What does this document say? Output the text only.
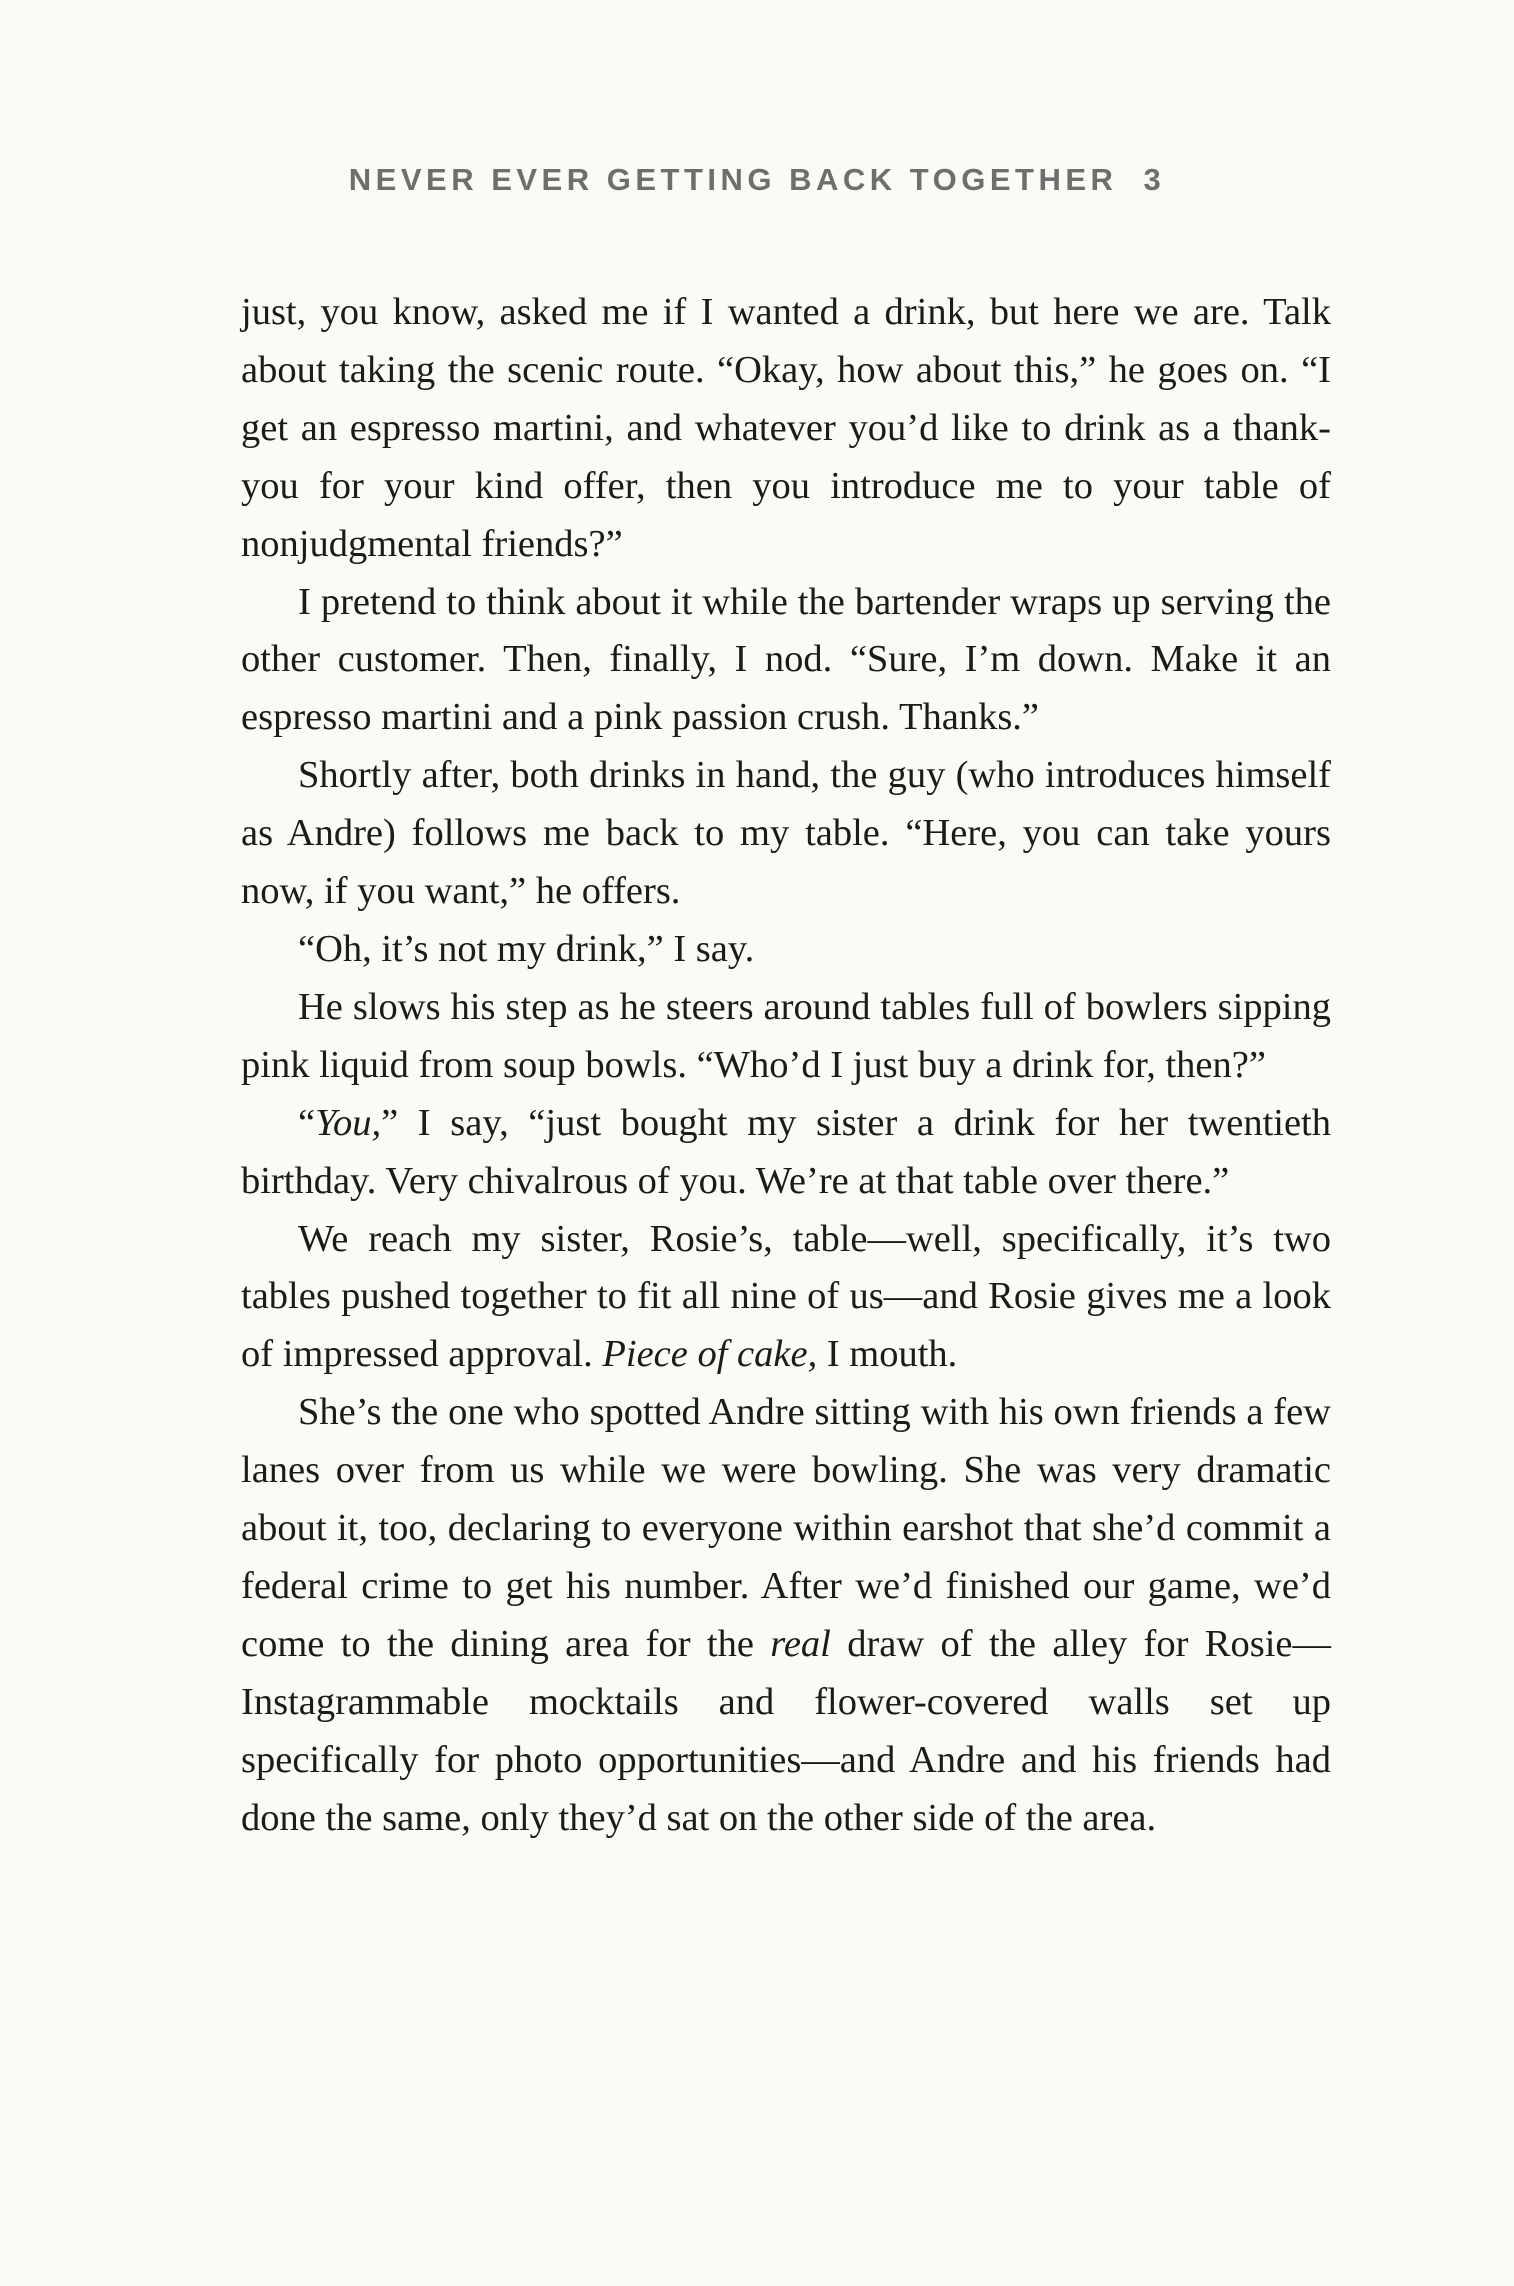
NEVER EVER GETTING BACK TOGETHER 3

just, you know, asked me if I wanted a drink, but here we are. Talk about taking the scenic route. “Okay, how about this,” he goes on. “I get an espresso martini, and whatever you’d like to drink as a thank-you for your kind offer, then you introduce me to your table of nonjudgmental friends?”

I pretend to think about it while the bartender wraps up serving the other customer. Then, finally, I nod. “Sure, I’m down. Make it an espresso martini and a pink passion crush. Thanks.”

Shortly after, both drinks in hand, the guy (who introduces himself as Andre) follows me back to my table. “Here, you can take yours now, if you want,” he offers.

“Oh, it’s not my drink,” I say.

He slows his step as he steers around tables full of bowlers sipping pink liquid from soup bowls. “Who’d I just buy a drink for, then?”

“You,” I say, “just bought my sister a drink for her twentieth birthday. Very chivalrous of you. We’re at that table over there.”

We reach my sister, Rosie’s, table—well, specifically, it’s two tables pushed together to fit all nine of us—and Rosie gives me a look of impressed approval. Piece of cake, I mouth.

She’s the one who spotted Andre sitting with his own friends a few lanes over from us while we were bowling. She was very dramatic about it, too, declaring to everyone within earshot that she’d commit a federal crime to get his number. After we’d finished our game, we’d come to the dining area for the real draw of the alley for Rosie—Instagrammable mocktails and flower-covered walls set up specifically for photo opportunities—and Andre and his friends had done the same, only they’d sat on the other side of the area.
